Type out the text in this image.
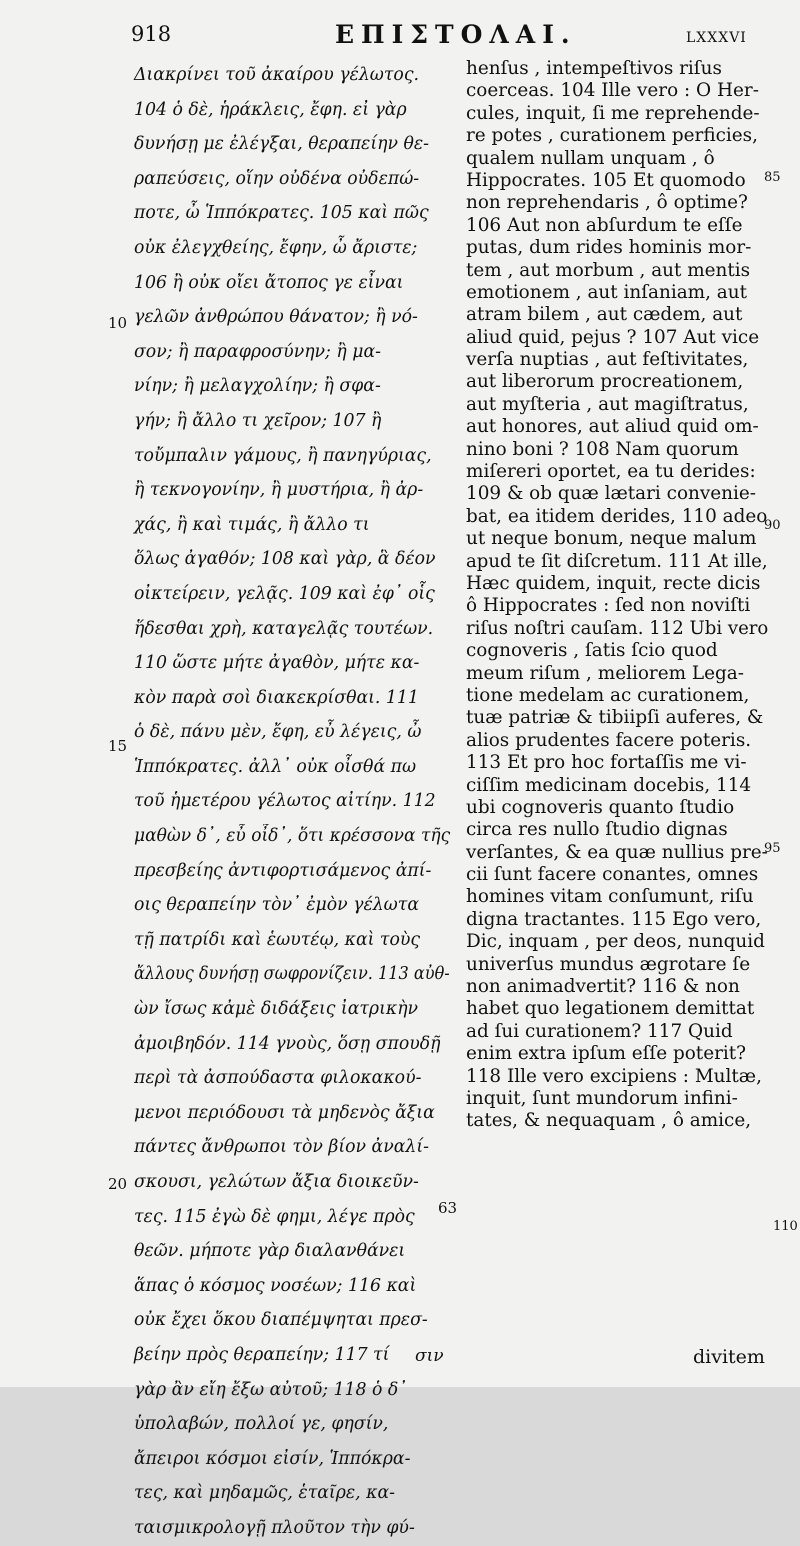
918	ΕΠΙΣΤΟΛΑΙ.	LXXXVI
Διακρίνει τοῦ ἀκαίρου γέλωτος.
104 ὁ δὲ, ἡράκλεις, ἔφη. εἰ γὰρ
δυνήσῃ με ἐλέγξαι, θεραπείην θε-
ραπεύσεις, οἵην οὐδένα οὐδεπώ-
ποτε, ὦ Ἱππόκρατες. 105 καὶ πῶς
οὐκ ἐλεγχθείης, ἔφην, ὦ ἄριστε;
106 ἢ οὐκ οἴει ἄτοπος γε εἶναι
γελῶν ἀνθρώπου θάνατον; ἢ νό-
σον; ἢ παραφροσύνην; ἢ μα-
νίην; ἢ μελαγχολίην; ἢ σφα-
γήν; ἢ ἄλλο τι χεῖρον; 107 ἢ
τοὔμπαλιν γάμους, ἢ πανηγύριας,
ἢ τεκνογονίην, ἢ μυστήρια, ἢ ἀρ-
χάς, ἢ καὶ τιμάς, ἢ ἄλλο τι
ὅλως ἀγαθόν; 108 καὶ γὰρ, ἃ δέον
οἰκτείρειν, γελᾷς. 109 καὶ ἐφ᾽ οἷς
ἥδεσθαι χρὴ, καταγελᾷς τουτέων.
110 ὥστε μήτε ἀγαθὸν, μήτε κα-
κὸν παρὰ σοὶ διακεκρίσθαι. 111
ὁ δὲ, πάνυ μὲν, ἔφη, εὖ λέγεις, ὦ
Ἱππόκρατες. ἀλλ᾽ οὐκ οἶσθά πω
τοῦ ἡμετέρου γέλωτος αἰτίην. 112
μαθὼν δ᾽, εὖ οἶδ᾽, ὅτι κρέσσονα τῆς
πρεσβείης ἀντιφορτισάμενος ἀπί-
οις θεραπείην τὸν᾽ ἐμὸν γέλωτα
τῇ πατρίδι καὶ ἑωυτέῳ, καὶ τοὺς
ἄλλους δυνήσῃ σωφρονίζειν. 113 αὐθ-
ὼν ἴσως κἀμὲ διδάξεις ἰατρικὴν
ἀμοιβηδόν. 114 γνοὺς, ὅσῃ σπουδῇ
περὶ τὰ ἀσπούδαστα φιλοκακού-
μενοι περιόδουσι τὰ μηδενὸς ἄξια
πάντες ἄνθρωποι τὸν βίον ἀναλί-
σκουσι, γελώτων ἄξια διοικεῦν-
τες. 115 ἐγὼ δὲ φημι, λέγε πρὸς
θεῶν. μήποτε γὰρ διαλανθάνει
ἅπας ὁ κόσμος νοσέων; 116 καὶ
οὐκ ἔχει ὅκου διαπέμψηται πρεσ-
βείην πρὸς θεραπείην; 117 τί
γὰρ ἂν εἴη ἔξω αὐτοῦ; 118 ὁ δ᾽
ὑπολαβών, πολλοί γε, φησίν,
ἄπειροι κόσμοι εἰσίν, Ἱππόκρα-
τες, καὶ μηδαμῶς, ἑταῖρε, κα-
ταισμικρολογῇ πλοῦτον τὴν φύ-
henſus , intempeſtivos riſus
coerceas. 104 Ille vero : O Her-
cules, inquit, ſi me reprehende-
re potes , curationem perficies,
qualem nullam unquam , ô
Hippocrates. 105 Et quomodo
non reprehendaris , ô optime?
106 Aut non abſurdum te eſſe
putas, dum rides hominis mor-
tem , aut morbum , aut mentis
emotionem , aut inſaniam, aut
atram bilem , aut cædem, aut
aliud quid, pejus ? 107 Aut vice
verſa nuptias , aut feſtivitates,
aut liberorum procreationem,
aut myſteria , aut magiſtratus,
aut honores, aut aliud quid om-
nino boni ? 108 Nam quorum
miſereri oportet, ea tu derides:
109 & ob quæ lætari convenie-
bat, ea itidem derides, 110 adeo
ut neque bonum, neque malum
apud te ſit diſcretum. 111 At ille,
Hæc quidem, inquit, recte dicis
ô Hippocrates : ſed non noviſti
riſus noſtri cauſam. 112 Ubi vero
cognoveris , ſatis ſcio quod
meum riſum , meliorem Lega-
tione medelam ac curationem,
tuæ patriæ & tibiipſi auferes, &
alios prudentes facere poteris.
113 Et pro hoc fortaſſis me vi-
ciſſim medicinam docebis, 114
ubi cognoveris quanto ſtudio
circa res nullo ſtudio dignas
verſantes, & ea quæ nullius pre-
cii ſunt facere conantes, omnes
homines vitam conſumunt, riſu
digna tractantes. 115 Ego vero,
Dic, inquam , per deos, nunquid
univerſus mundus ægrotare ſe
non animadvertit? 116 & non
habet quo legationem demittat
ad ſui curationem? 117 Quid
enim extra ipſum eſſe poterit?
118 Ille vero excipiens : Multæ,
inquit, ſunt mundorum infini-
tates, & nequaquam , ô amice,
σιν	divitem
10
15
20
63
85
90
95
110
